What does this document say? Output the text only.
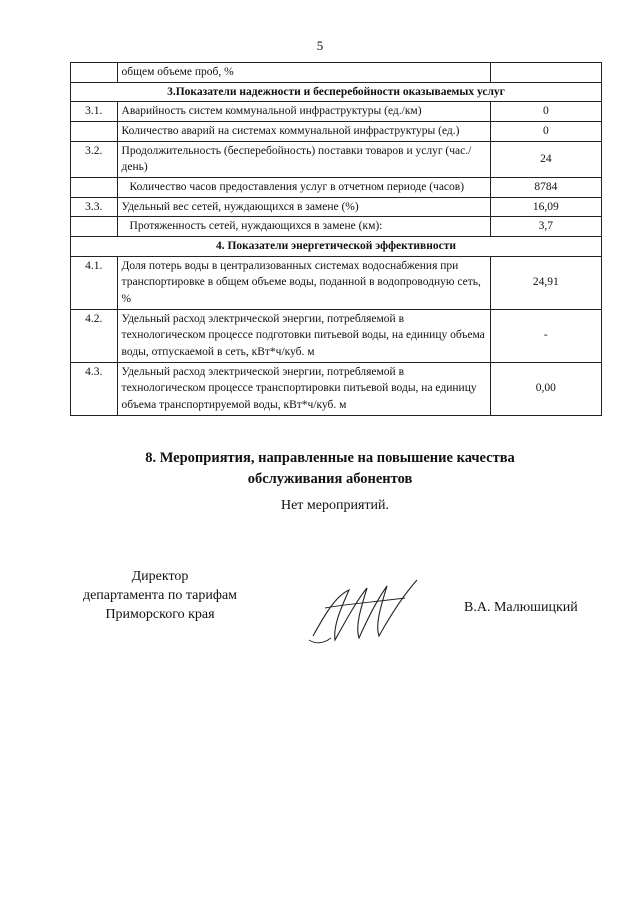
5
	общем объеме проб, %	
3.Показатели надежности и бесперебойности оказываемых услуг		
3.1.	Аварийность систем коммунальной инфраструктуры (ед./км)	0
	Количество аварий на системах коммунальной инфраструктуры (ед.)	0
3.2.	Продолжительность (бесперебойность) поставки товаров и услуг (час./день)	24
	Количество часов предоставления услуг в отчетном периоде (часов)	8784
3.3.	Удельный вес сетей, нуждающихся в замене (%)	16,09
	Протяженность сетей, нуждающихся в замене (км):	3,7
4. Показатели энергетической эффективности		
4.1.	Доля потерь воды в централизованных системах водоснабжения при транспортировке в общем объеме воды, поданной в водопроводную сеть, %	24,91
4.2.	Удельный расход электрической энергии, потребляемой в технологическом процессе подготовки питьевой воды, на единицу объема воды, отпускаемой в сеть, кВт*ч/куб. м	-
4.3.	Удельный расход электрической энергии, потребляемой в технологическом процессе транспортировки питьевой воды, на единицу объема транспортируемой воды, кВт*ч/куб. м	0,00
8. Мероприятия, направленные на повышение качества
обслуживания абонентов
Нет мероприятий.
Директор
департамента по тарифам
Приморского края	В.А. Малюшицкий
